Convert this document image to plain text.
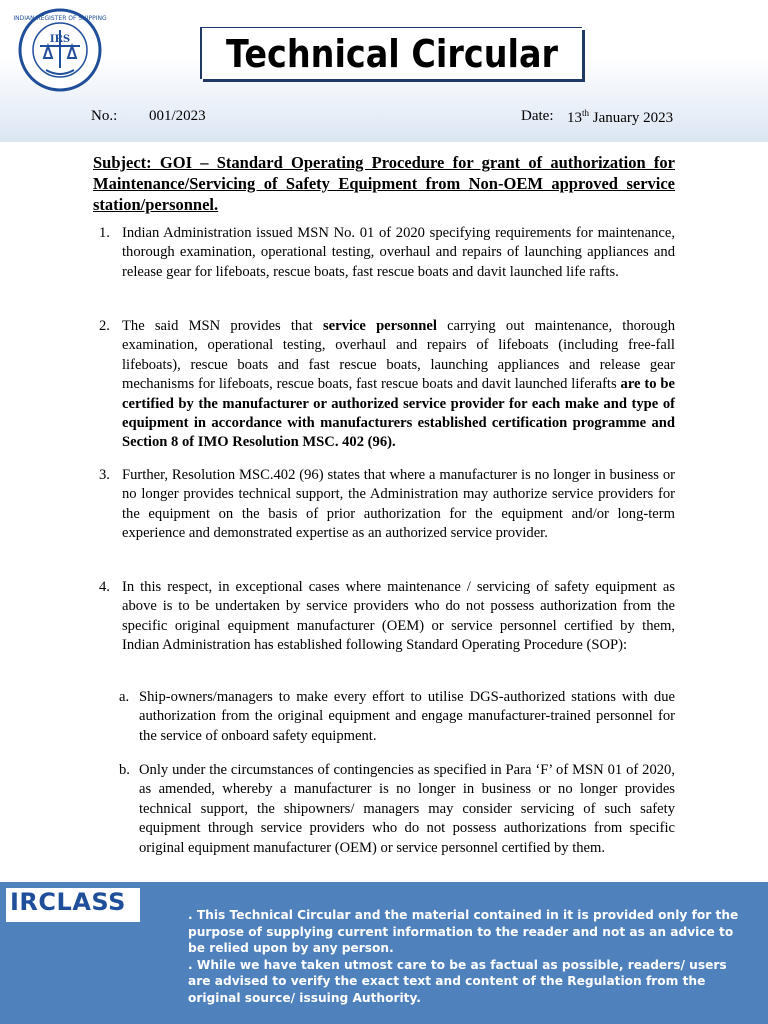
IRS
INDIAN REGISTER OF SHIPPING
Technical Circular
No.: 001/2023	Date: 13th January 2023
Subject: GOI – Standard Operating Procedure for grant of authorization for Maintenance/Servicing of Safety Equipment from Non-OEM approved service station/personnel.
1. Indian Administration issued MSN No. 01 of 2020 specifying requirements for maintenance, thorough examination, operational testing, overhaul and repairs of launching appliances and release gear for lifeboats, rescue boats, fast rescue boats and davit launched life rafts.
2. The said MSN provides that service personnel carrying out maintenance, thorough examination, operational testing, overhaul and repairs of lifeboats (including free-fall lifeboats), rescue boats and fast rescue boats, launching appliances and release gear mechanisms for lifeboats, rescue boats, fast rescue boats and davit launched liferafts are to be certified by the manufacturer or authorized service provider for each make and type of equipment in accordance with manufacturers established certification programme and Section 8 of IMO Resolution MSC. 402 (96).
3. Further, Resolution MSC.402 (96) states that where a manufacturer is no longer in business or no longer provides technical support, the Administration may authorize service providers for the equipment on the basis of prior authorization for the equipment and/or long-term experience and demonstrated expertise as an authorized service provider.
4. In this respect, in exceptional cases where maintenance / servicing of safety equipment as above is to be undertaken by service providers who do not possess authorization from the specific original equipment manufacturer (OEM) or service personnel certified by them, Indian Administration has established following Standard Operating Procedure (SOP):
a. Ship-owners/managers to make every effort to utilise DGS-authorized stations with due authorization from the original equipment and engage manufacturer-trained personnel for the service of onboard safety equipment.
b. Only under the circumstances of contingencies as specified in Para ‘F’ of MSN 01 of 2020, as amended, whereby a manufacturer is no longer in business or no longer provides technical support, the shipowners/ managers may consider servicing of such safety equipment through service providers who do not possess authorizations from specific original equipment manufacturer (OEM) or service personnel certified by them.
IRCLASS	. This Technical Circular and the material contained in it is provided only for the purpose of supplying current information to the reader and not as an advice to be relied upon by any person.
. While we have taken utmost care to be as factual as possible, readers/ users are advised to verify the exact text and content of the Regulation from the original source/ issuing Authority.
